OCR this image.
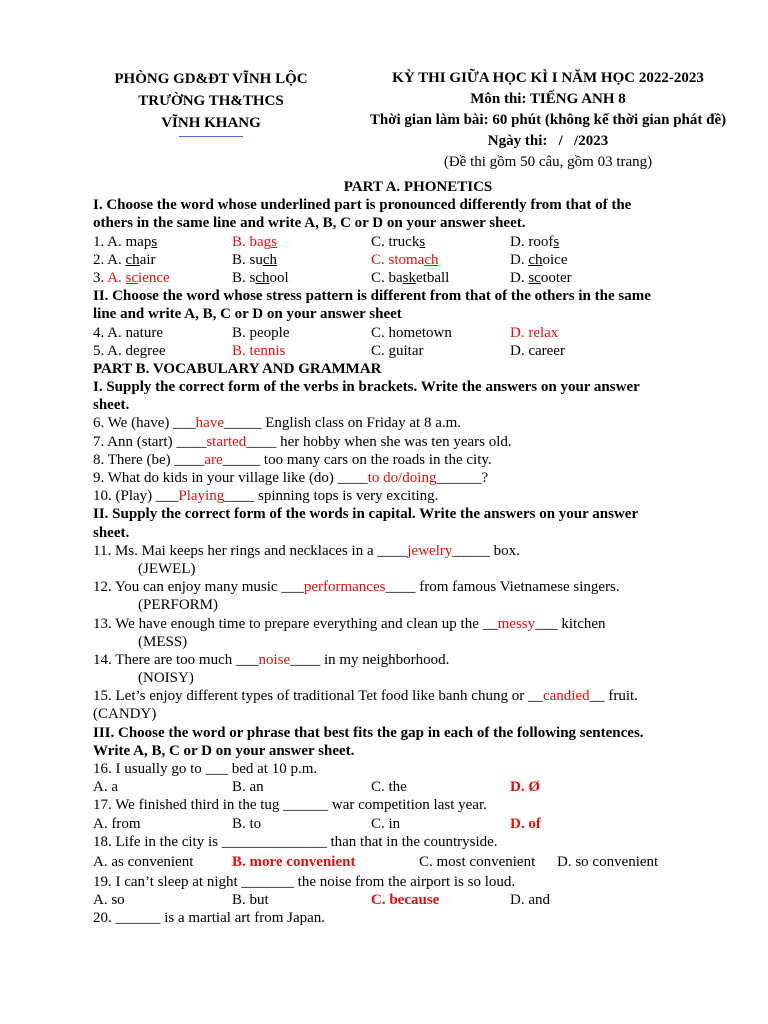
PHÒNG GD&ĐT VĨNH LỘC
TRƯỜNG TH&THCS
VĨNH KHANG
KỲ THI GIỮA HỌC KÌ I NĂM HỌC 2022-2023
Môn thi: TIẾNG ANH 8
Thời gian làm bài: 60 phút (không kể thời gian phát đề)
Ngày thi:   /   /2023
(Đề thi gồm 50 câu, gồm 03 trang)
PART A. PHONETICS
I. Choose the word whose underlined part is pronounced differently from that of the
others in the same line and write A, B, C or D on your answer sheet.
1. A. maps	B. bags	C. trucks	D. roofs
2. A. chair	B. such	C. stomach	D. choice
3. A. science	B. school	C. basketball	D. scooter
II. Choose the word whose stress pattern is different from that of the others in the same
line and write A, B, C or D on your answer sheet
4. A. nature	B. people	C. hometown	D. relax
5. A. degree	B. tennis	C. guitar	D. career
PART B. VOCABULARY AND GRAMMAR
I. Supply the correct form of the verbs in brackets. Write the answers on your answer
sheet.
6. We (have) ___have_____ English class on Friday at 8 a.m.
7. Ann (start) ____started____ her hobby when she was ten years old.
8. There (be) ____are_____ too many cars on the roads in the city.
9. What do kids in your village like (do) ____to do/doing______?
10. (Play) ___Playing____ spinning tops is very exciting.
II. Supply the correct form of the words in capital. Write the answers on your answer
sheet.
11. Ms. Mai keeps her rings and necklaces in a ____jewelry_____ box.
(JEWEL)
12. You can enjoy many music ___performances____ from famous Vietnamese singers.
(PERFORM)
13. We have enough time to prepare everything and clean up the __messy___ kitchen
(MESS)
14. There are too much ___noise____ in my neighborhood.
(NOISY)
15. Let’s enjoy different types of traditional Tet food like banh chung or __candied__ fruit.
(CANDY)
III. Choose the word or phrase that best fits the gap in each of the following sentences.
Write A, B, C or D on your answer sheet.
16. I usually go to ___ bed at 10 p.m.
A. a	B. an	C. the	D. Ø
17. We finished third in the tug ______ war competition last year.
A. from	B. to	C. in	D. of
18. Life in the city is ______________ than that in the countryside.
A. as convenient	B. more convenient	C. most convenient D. so convenient
19. I can’t sleep at night _______ the noise from the airport is so loud.
A. so	B. but	C. because	D. and
20. ______ is a martial art from Japan.
